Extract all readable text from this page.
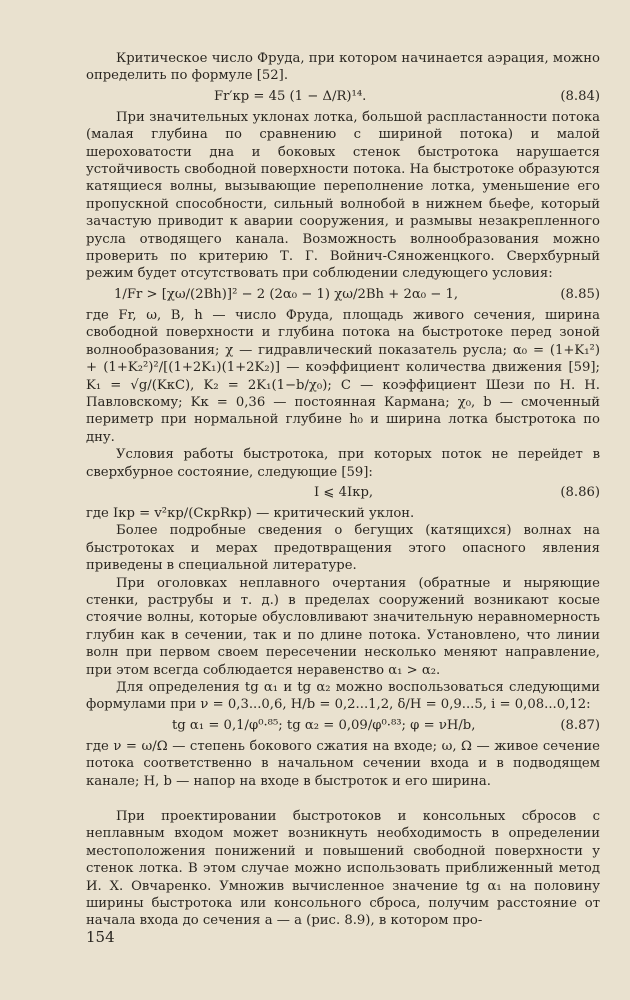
Критическое число Фруда, при котором начинается аэрация, можно определить по формуле [52].

Fr′кр = 45 (1 − Δ/R)¹⁴.	(8.84)

При значительных уклонах лотка, большой распластанности потока (малая глубина по сравнению с шириной потока) и малой шероховатости дна и боковых стенок быстротока нарушается устойчивость свободной поверхности потока. На быстротоке образуются катящиеся волны, вызывающие переполнение лотка, уменьшение его пропускной способности, сильный волнобой в нижнем бьефе, который зачастую приводит к аварии сооружения, и размывы незакрепленного русла отводящего канала. Возможность волнообразования можно проверить по критерию Т. Г. Войнич-Сяноженцкого. Сверхбурный режим будет отсутствовать при соблюдении следующего условия:

1/Fr > [χω/(2Bh)]² − 2 (2α₀ − 1) χω/2Bh + 2α₀ − 1,	(8.85)

где Fr, ω, B, h — число Фруда, площадь живого сечения, ширина свободной поверхности и глубина потока на быстротоке перед зоной волнообразования; χ — гидравлический показатель русла; α₀ = (1+K₁²) + (1+K₂²)²/[(1+2K₁)(1+2K₂)] — коэффициент количества движения [59]; K₁ = √g/(KкC), K₂ = 2K₁(1−b/χ₀); C — коэффициент Шези по Н. Н. Павловскому; Kк = 0,36 — постоянная Кармана; χ₀, b — смоченный периметр при нормальной глубине h₀ и ширина лотка быстротока по дну.

Условия работы быстротока, при которых поток не перейдет в сверхбурное состояние, следующие [59]:

I ⩽ 4Iкр,	(8.86)

где Iкр = v²кр/(CкрRкр) — критический уклон.

Более подробные сведения о бегущих (катящихся) волнах на быстротоках и мерах предотвращения этого опасного явления приведены в специальной литературе.

При оголовках неплавного очертания (обратные и ныряющие стенки, раструбы и т. д.) в пределах сооружений возникают косые стоячие волны, которые обусловливают значительную неравномерность глубин как в сечении, так и по длине потока. Установлено, что линии волн при первом своем пересечении несколько меняют направление, при этом всегда соблюдается неравенство α₁ > α₂.

Для определения tg α₁ и tg α₂ можно воспользоваться следующими формулами при ν = 0,3...0,6, H/b = 0,2...1,2, δ/H = 0,9...5, i = 0,08...0,12:

tg α₁ = 0,1/φ⁰·⁸⁵; tg α₂ = 0,09/φ⁰·⁸³; φ = νH/b,	(8.87)

где ν = ω/Ω — степень бокового сжатия на входе; ω, Ω — живое сечение потока соответственно в начальном сечении входа и в подводящем канале; H, b — напор на входе в быстроток и его ширина.

При проектировании быстротоков и консольных сбросов с неплавным входом может возникнуть необходимость в определении местоположения понижений и повышений свободной поверхности у стенок лотка. В этом случае можно использовать приближенный метод И. Х. Овчаренко. Умножив вычисленное значение tg α₁ на половину ширины быстротока или консольного сброса, получим расстояние от начала входа до сечения a — a (рис. 8.9), в котором про-

154
